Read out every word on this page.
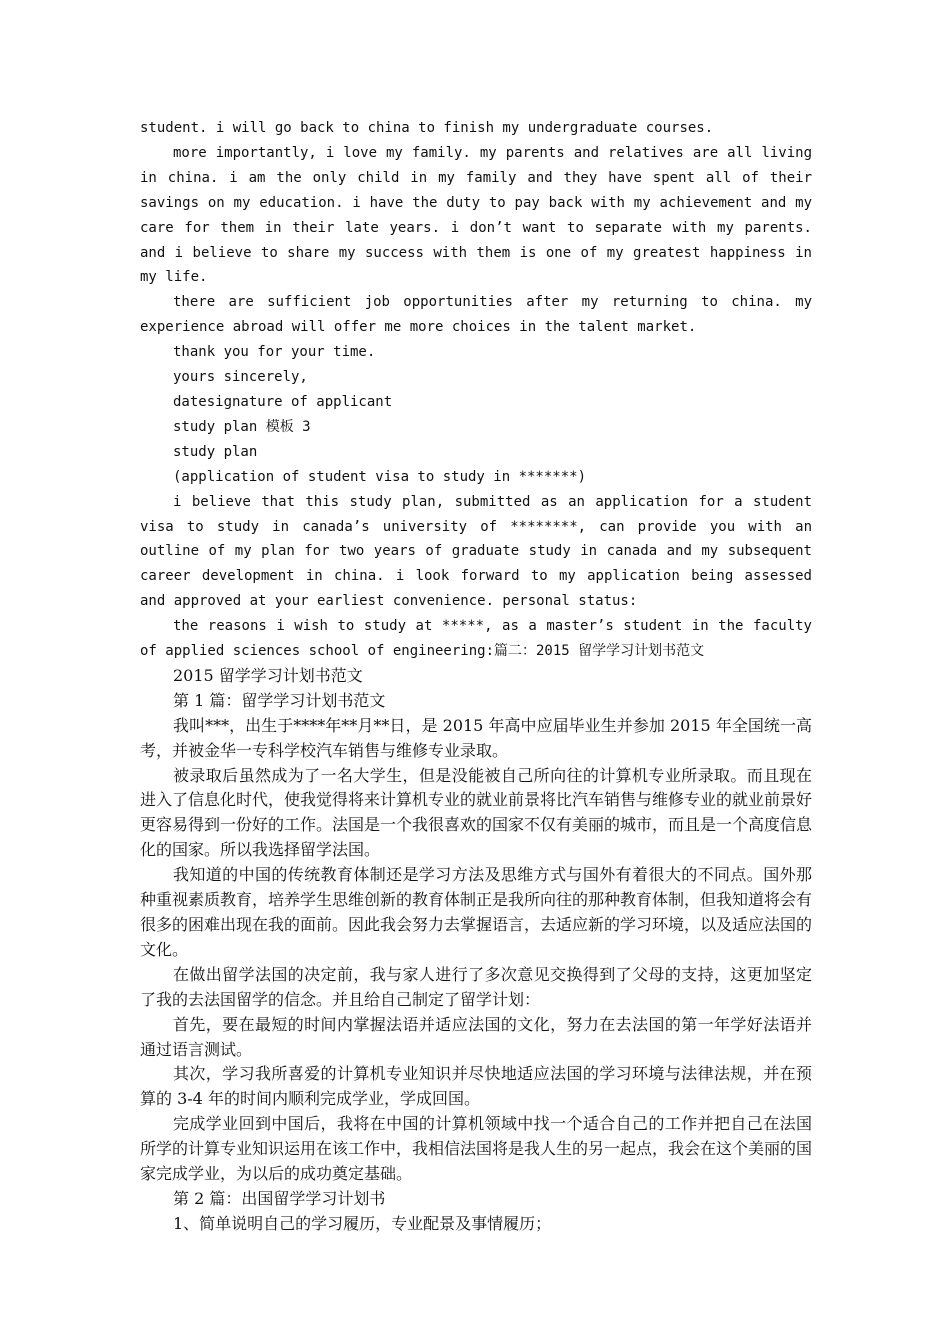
student. i will go back to china to finish my undergraduate courses.

more importantly, i love my family. my parents and relatives are all living in china. i am the only child in my family and they have spent all of their savings on my education. i have the duty to pay back with my achievement and my care for them in their late years. i don’t want to separate with my parents. and i believe to share my success with them is one of my greatest happiness in my life.

there are sufficient job opportunities after my returning to china. my experience abroad will offer me more choices in the talent market.

thank you for your time.

yours sincerely,

datesignature of applicant

study plan 模板 3

study plan

(application of student visa to study in *******)

i believe that this study plan, submitted as an application for a student visa to study in canada’s university of ********, can provide you with an outline of my plan for two years of graduate study in canada and my subsequent career development in china. i look forward to my application being assessed and approved at your earliest convenience. personal status:

the reasons i wish to study at *****, as a master’s student in the faculty of applied sciences school of engineering:篇二：2015 留学学习计划书范文

2015 留学学习计划书范文

第 1 篇：留学学习计划书范文

我叫***，出生于****年**月**日，是 2015 年高中应届毕业生并参加 2015 年全国统一高考，并被金华一专科学校汽车销售与维修专业录取。

被录取后虽然成为了一名大学生，但是没能被自己所向往的计算机专业所录取。而且现在进入了信息化时代，使我觉得将来计算机专业的就业前景将比汽车销售与维修专业的就业前景好更容易得到一份好的工作。法国是一个我很喜欢的国家不仅有美丽的城市，而且是一个高度信息化的国家。所以我选择留学法国。

我知道的中国的传统教育体制还是学习方法及思维方式与国外有着很大的不同点。国外那种重视素质教育，培养学生思维创新的教育体制正是我所向往的那种教育体制，但我知道将会有很多的困难出现在我的面前。因此我会努力去掌握语言，去适应新的学习环境，以及适应法国的文化。

在做出留学法国的决定前，我与家人进行了多次意见交换得到了父母的支持，这更加坚定了我的去法国留学的信念。并且给自己制定了留学计划：

首先，要在最短的时间内掌握法语并适应法国的文化，努力在去法国的第一年学好法语并通过语言测试。

其次，学习我所喜爱的计算机专业知识并尽快地适应法国的学习环境与法律法规，并在预算的 3-4 年的时间内顺利完成学业，学成回国。

完成学业回到中国后，我将在中国的计算机领域中找一个适合自己的工作并把自己在法国所学的计算专业知识运用在该工作中，我相信法国将是我人生的另一起点，我会在这个美丽的国家完成学业，为以后的成功奠定基础。

第 2 篇：出国留学学习计划书

1、简单说明自己的学习履历，专业配景及事情履历；
